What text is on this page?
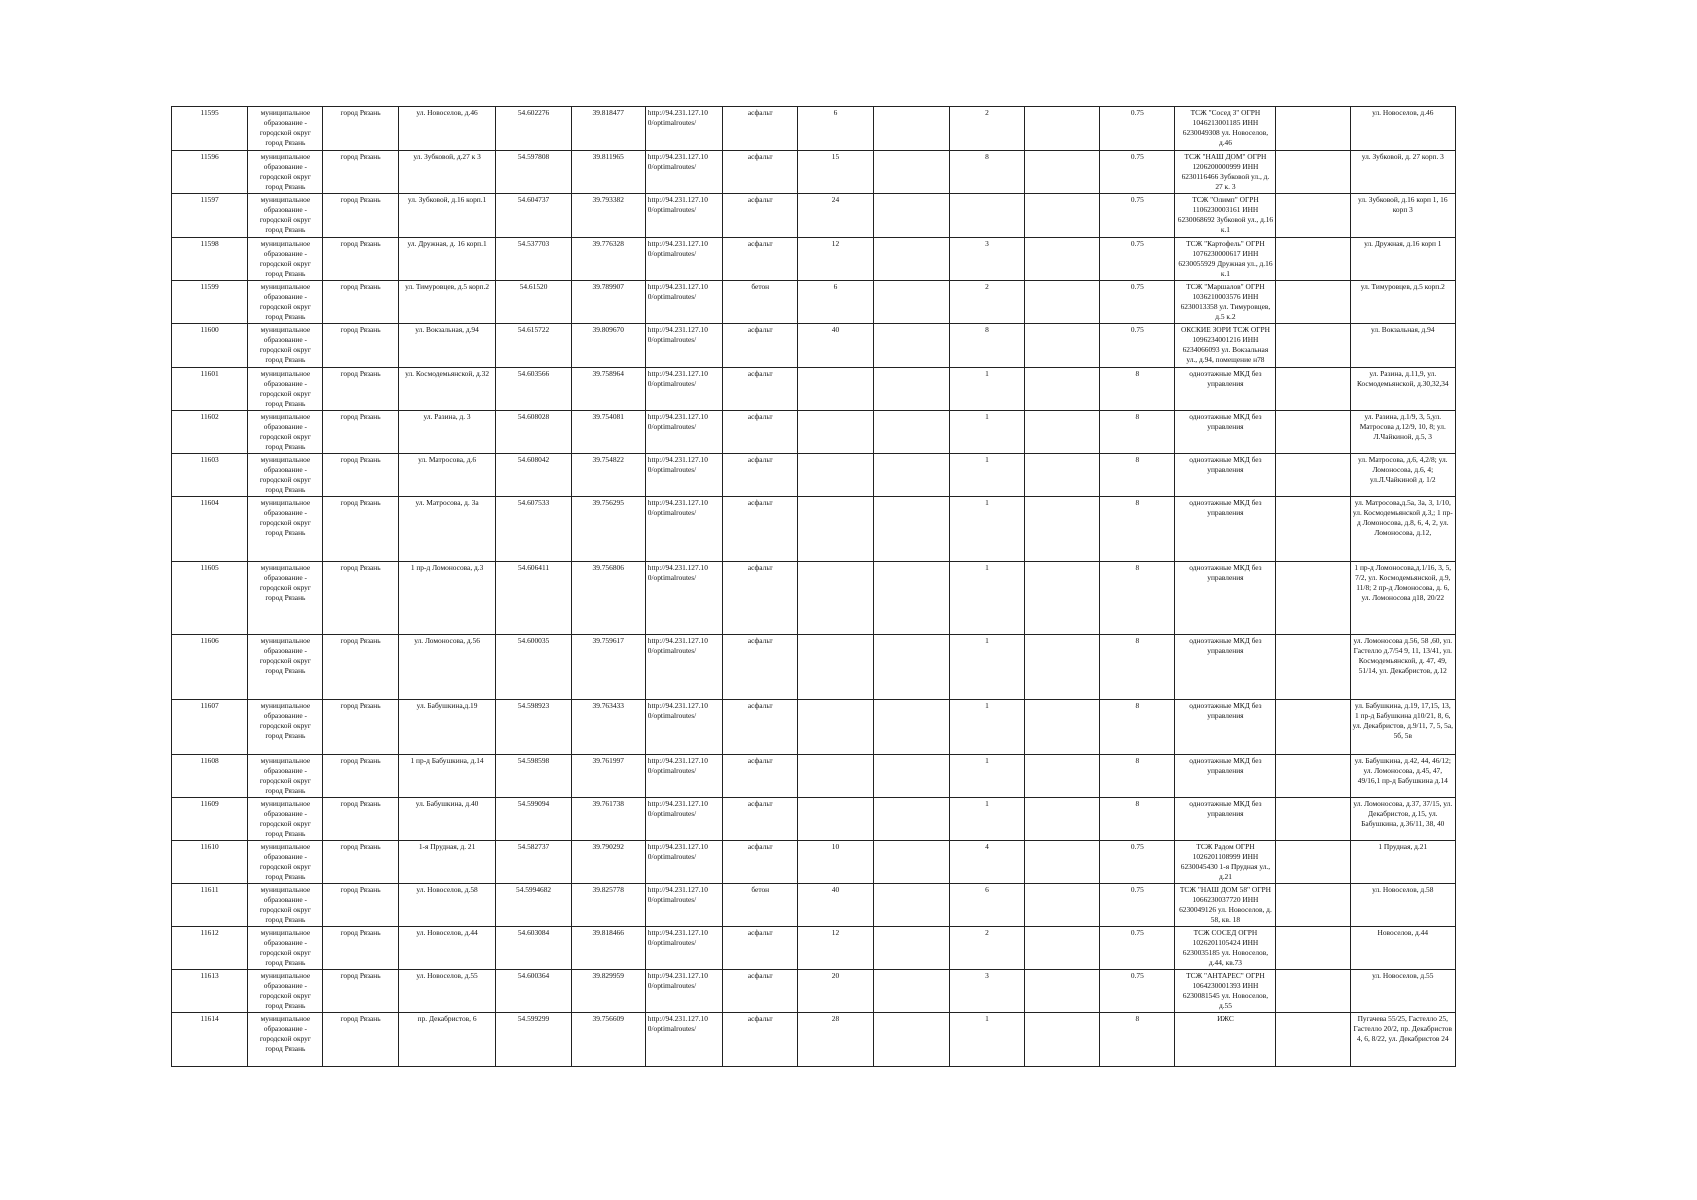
11595	муниципальное образование - городской округ город Рязань	город Рязань	ул. Новоселов, д.46	54.602276	39.818477	http://94.231.127.10 0/optimalroutes/	асфальт	6		2		0.75	ТСЖ "Сосед 3" ОГРН 1046213001185 ИНН 6230049308 ул. Новоселов, д.46		ул. Новоселов, д.46
11596	муниципальное образование - городской округ город Рязань	город Рязань	ул. Зубковой, д.27 к 3	54.597808	39.811965	http://94.231.127.10 0/optimalroutes/	асфальт	15		8		0.75	ТСЖ "НАШ ДОМ" ОГРН 1206200000999 ИНН 6230116466 Зубковой ул., д. 27 к. 3		ул. Зубковой, д. 27 корп. 3
11597	муниципальное образование - городской округ город Рязань	город Рязань	ул. Зубковой, д.16 корп.1	54.604737	39.793382	http://94.231.127.10 0/optimalroutes/	асфальт	24				0.75	ТСЖ "Олимп" ОГРН 1106230003161 ИНН 6230068692 Зубковой ул., д.16 к.1		ул. Зубковой, д.16 корп 1, 16 корп 3
11598	муниципальное образование - городской округ город Рязань	город Рязань	ул. Дружная, д. 16 корп.1	54.537703	39.776328	http://94.231.127.10 0/optimalroutes/	асфальт	12		3		0.75	ТСЖ "Картофель" ОГРН 1076230000617 ИНН 6230055929 Дружная ул., д.16 к.1		ул. Дружная, д.16 корп 1
11599	муниципальное образование - городской округ город Рязань	город Рязань	ул. Тимуровцев, д.5 корп.2	54.61520	39.789907	http://94.231.127.10 0/optimalroutes/	бетон	6		2		0.75	ТСЖ "Маршалов" ОГРН 1036210003576 ИНН 6230013358 ул. Тимуровцев, д.5 к.2		ул. Тимуровцев, д.5 корп.2
11600	муниципальное образование - городской округ город Рязань	город Рязань	ул. Вокзальная, д.94	54.615722	39.809670	http://94.231.127.10 0/optimalroutes/	асфальт	40		8		0.75	ОКСКИЕ ЗОРИ ТСЖ ОГРН 1096234001216 ИНН 6234066093 ул. Вокзальная ул., д.94, помещение н78		ул. Вокзальная, д.94
11601	муниципальное образование - городской округ город Рязань	город Рязань	ул. Космодемьянской, д.32	54.603566	39.758964	http://94.231.127.10 0/optimalroutes/	асфальт			1		8	одноэтажные МКД без управления		ул. Разина, д.11,9, ул. Космодемьянской, д.30,32,34
11602	муниципальное образование - городской округ город Рязань	город Рязань	ул. Разина, д. 3	54.608028	39.754081	http://94.231.127.10 0/optimalroutes/	асфальт			1		8	одноэтажные МКД без управления		ул. Разина, д.1/9, 3, 5,ул. Матросова д.12/9, 10, 8; ул. Л.Чайкиной, д.5, 3
11603	муниципальное образование - городской округ город Рязань	город Рязань	ул. Матросова, д.6	54.608042	39.754822	http://94.231.127.10 0/optimalroutes/	асфальт			1		8	одноэтажные МКД без управления		ул. Матросова, д.6, 4,2/8; ул. Ломоносова, д.6, 4; ул.Л.Чайкиной д. 1/2
11604	муниципальное образование - городской округ город Рязань	город Рязань	ул. Матросова, д. 3а	54.607533	39.756295	http://94.231.127.10 0/optimalroutes/	асфальт			1		8	одноэтажные МКД без управления		ул. Матросова,д.5а, 3а, 3, 1/10, ул. Космодемьянской д.3,; 1 пр-д Ломоносова, д.8, 6, 4, 2, ул. Ломоносова, д.12,
11605	муниципальное образование - городской округ город Рязань	город Рязань	1 пр-д Ломоносова, д.3	54.606411	39.756806	http://94.231.127.10 0/optimalroutes/	асфальт			1		8	одноэтажные МКД без управления		1 пр-д Ломоносова,д.1/16, 3, 5, 7/2, ул. Космодемьянской, д.9, 11/8; 2 пр-д Ломоносова, д. 6, ул. Ломоносова д18, 20/22
11606	муниципальное образование - городской округ город Рязань	город Рязань	ул. Ломоносова, д.56	54.600035	39.759617	http://94.231.127.10 0/optimalroutes/	асфальт			1		8	одноэтажные МКД без управления		ул. Ломоносова д.56, 58 ,60, ул. Гастелло д.7/54 9, 11, 13/41, ул. Космодемьянской, д. 47, 49, 51/14, ул. Декабристов, д.12
11607	муниципальное образование - городской округ город Рязань	город Рязань	ул. Бабушкина,д.19	54.598923	39.763433	http://94.231.127.10 0/optimalroutes/	асфальт			1		8	одноэтажные МКД без управления		ул. Бабушкина, д.19, 17,15, 13, 1 пр-д Бабушкина д10/21, 8, 6, ул. Декабристов, д.9/11, 7, 5, 5а, 5б, 5в
11608	муниципальное образование - городской округ город Рязань	город Рязань	1 пр-д Бабушкина, д.14	54.598598	39.761997	http://94.231.127.10 0/optimalroutes/	асфальт			1		8	одноэтажные МКД без управления		ул. Бабушкина, д.42, 44, 46/12; ул. Ломоносова, д.45, 47, 49/16,1 пр-д Бабушкина д.14
11609	муниципальное образование - городской округ город Рязань	город Рязань	ул. Бабушкина, д.40	54.599094	39.761738	http://94.231.127.10 0/optimalroutes/	асфальт			1		8	одноэтажные МКД без управления		ул. Ломоносова, д.37, 37/15, ул. Декабристов, д.15, ул. Бабушкина, д.36/11, 38, 40
11610	муниципальное образование - городской округ город Рязань	город Рязань	1-я Прудная, д. 21	54.582737	39.790292	http://94.231.127.10 0/optimalroutes/	асфальт	10		4		0.75	ТСЖ Радом ОГРН 1026201108999 ИНН 6230045430 1-я Прудная ул., д.21		1 Прудная, д.21
11611	муниципальное образование - городской округ город Рязань	город Рязань	ул. Новоселов, д.58	54.5994682	39.825778	http://94.231.127.10 0/optimalroutes/	бетон	40		6		0.75	ТСЖ "НАШ ДОМ 58" ОГРН 1066230037720 ИНН 6230049126 ул. Новоселов, д. 58, кв. 18		ул. Новоселов, д.58
11612	муниципальное образование - городской округ город Рязань	город Рязань	ул. Новоселов, д.44	54.603084	39.818466	http://94.231.127.10 0/optimalroutes/	асфальт	12		2		0.75	ТСЖ СОСЕД ОГРН 1026201105424 ИНН 6230035185 ул. Новоселов, д.44, кв.73		Новоселов, д.44
11613	муниципальное образование - городской округ город Рязань	город Рязань	ул. Новоселов, д.55	54.600364	39.829959	http://94.231.127.10 0/optimalroutes/	асфальт	20		3		0.75	ТСЖ "АНТАРЕС" ОГРН 1064230001393 ИНН 6230081545 ул. Новоселов, д.55		ул. Новоселов, д.55
11614	муниципальное образование - городской округ город Рязань	город Рязань	пр. Декабристов, 6	54.599299	39.756609	http://94.231.127.10 0/optimalroutes/	асфальт	28		1		8	ИЖС		Пугачева 55/25, Гастелло 25, Гастелло 20/2, пр. Декабристов 4, 6, 8/22, ул. Декабристов 24
